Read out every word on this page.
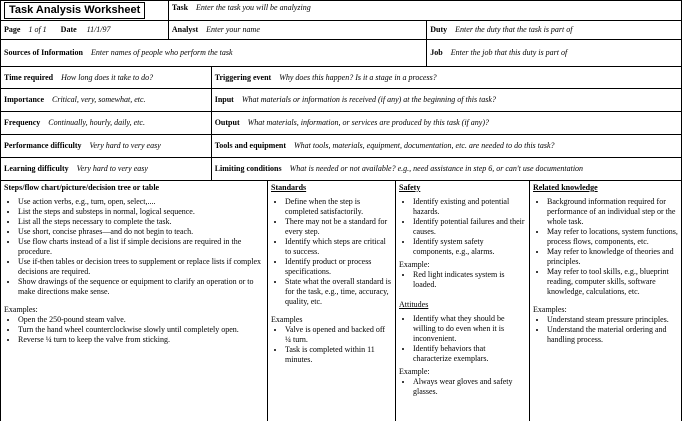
Task Analysis Worksheet	Task Enter the task you will be analyzing		
Page 1 of 1 Date 11/1/97	Analyst Enter your name		Duty Enter the duty that the task is part of
Sources of Information Enter names of people who perform the task			Job Enter the job that this duty is part of
Time required How long does it take to do?		Triggering event Why does this happen? Is it a stage in a process?	
Importance Critical, very, somewhat, etc.		Input What materials or information is received (if any) at the beginning of this task?	
Frequency Continually, hourly, daily, etc.		Output What materials, information, or services are produced by this task (if any)?	
Performance difficulty Very hard to very easy		Tools and equipment What tools, materials, equipment, documentation, etc. are needed to do this task?	
Learning difficulty Very hard to very easy		Limiting conditions What is needed or not available? e.g., need assistance in step 6, or can't use documentation	
Steps/flow chart/picture/decision tree or table
• Use action verbs, e.g., turn, open, select,....
• List the steps and substeps in normal, logical sequence.
• List all the steps necessary to complete the task.
• Use short, concise phrases—and do not begin to teach.
• Use flow charts instead of a list if simple decisions are required in the procedure.
• Use if-then tables or decision trees to supplement or replace lists if complex decisions are required.
• Show drawings of the sequence or equipment to clarify an operation or to make directions make sense.
Examples:
• Open the 250-pound steam valve.
• Turn the hand wheel counterclockwise slowly until completely open.
• Reverse ¼ turn to keep the valve from sticking.
Standards
• Define when the step is completed satisfactorily.
• There may not be a standard for every step.
• Identify which steps are critical to success.
• Identify product or process specifications.
• State what the overall standard is for the task, e.g., time, accuracy, quality, etc.
Examples
• Valve is opened and backed off ¼ turn.
• Task is completed within 11 minutes.
Safety
• Identify existing and potential hazards.
• Identify potential failures and their causes.
• Identify system safety components, e.g., alarms.
Example:
• Red light indicates system is loaded.
Attitudes
• Identify what they should be willing to do even when it is inconvenient.
• Identify behaviors that characterize exemplars.
Example:
• Always wear gloves and safety glasses.
Related knowledge
• Background information required for performance of an individual step or the whole task.
• May refer to locations, system functions, process flows, components, etc.
• May refer to knowledge of theories and principles.
• May refer to tool skills, e.g., blueprint reading, computer skills, software knowledge, calculations, etc.
Examples:
• Understand steam pressure principles.
• Understand the material ordering and handling process.
